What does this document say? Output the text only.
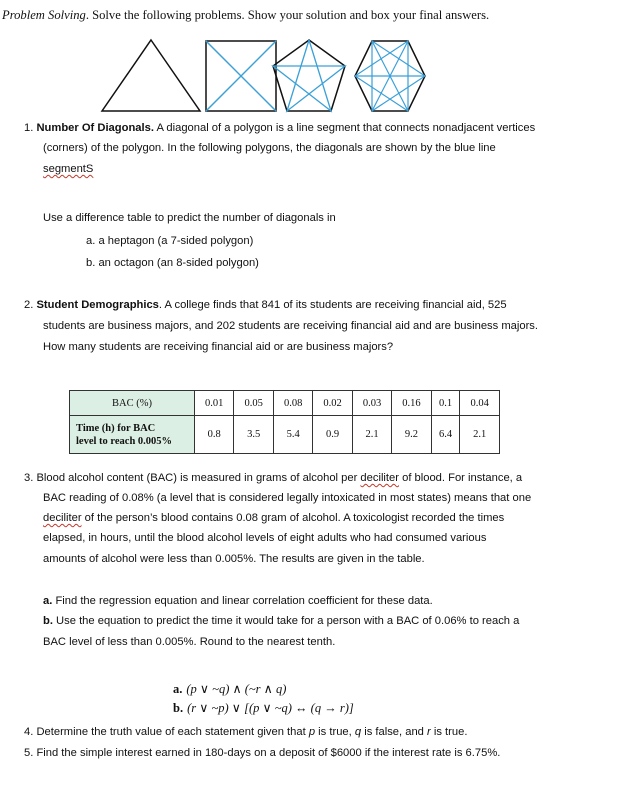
Problem Solving. Solve the following problems. Show your solution and box your final answers.
1. Number Of Diagonals. A diagonal of a polygon is a line segment that connects nonadjacent vertices
(corners) of the polygon. In the following polygons, the diagonals are shown by the blue line
segmentS
Use a difference table to predict the number of diagonals in
a. a heptagon (a 7-sided polygon)
b. an octagon (an 8-sided polygon)
2. Student Demographics. A college finds that 841 of its students are receiving financial aid, 525
students are business majors, and 202 students are receiving financial aid and are business majors.
How many students are receiving financial aid or are business majors?
BAC (%)	0.01	0.05	0.08	0.02	0.03	0.16	0.1	0.04
Time (h) for BAC
level to reach 0.005%	0.8	3.5	5.4	0.9	2.1	9.2	6.4	2.1
3. Blood alcohol content (BAC) is measured in grams of alcohol per deciliter of blood. For instance, a
BAC reading of 0.08% (a level that is considered legally intoxicated in most states) means that one
deciliter of the person’s blood contains 0.08 gram of alcohol. A toxicologist recorded the times
elapsed, in hours, until the blood alcohol levels of eight adults who had consumed various
amounts of alcohol were less than 0.005%. The results are given in the table.
a. Find the regression equation and linear correlation coefficient for these data.
b. Use the equation to predict the time it would take for a person with a BAC of 0.06% to reach a
BAC level of less than 0.005%. Round to the nearest tenth.
a. (p ∨ ~q) ∧ (~r ∧ q)
b. (r ∨ ~p) ∨ [(p ∨ ~q) ↔ (q → r)]
4. Determine the truth value of each statement given that p is true, q is false, and r is true.
5. Find the simple interest earned in 180-days on a deposit of $6000 if the interest rate is 6.75%.
